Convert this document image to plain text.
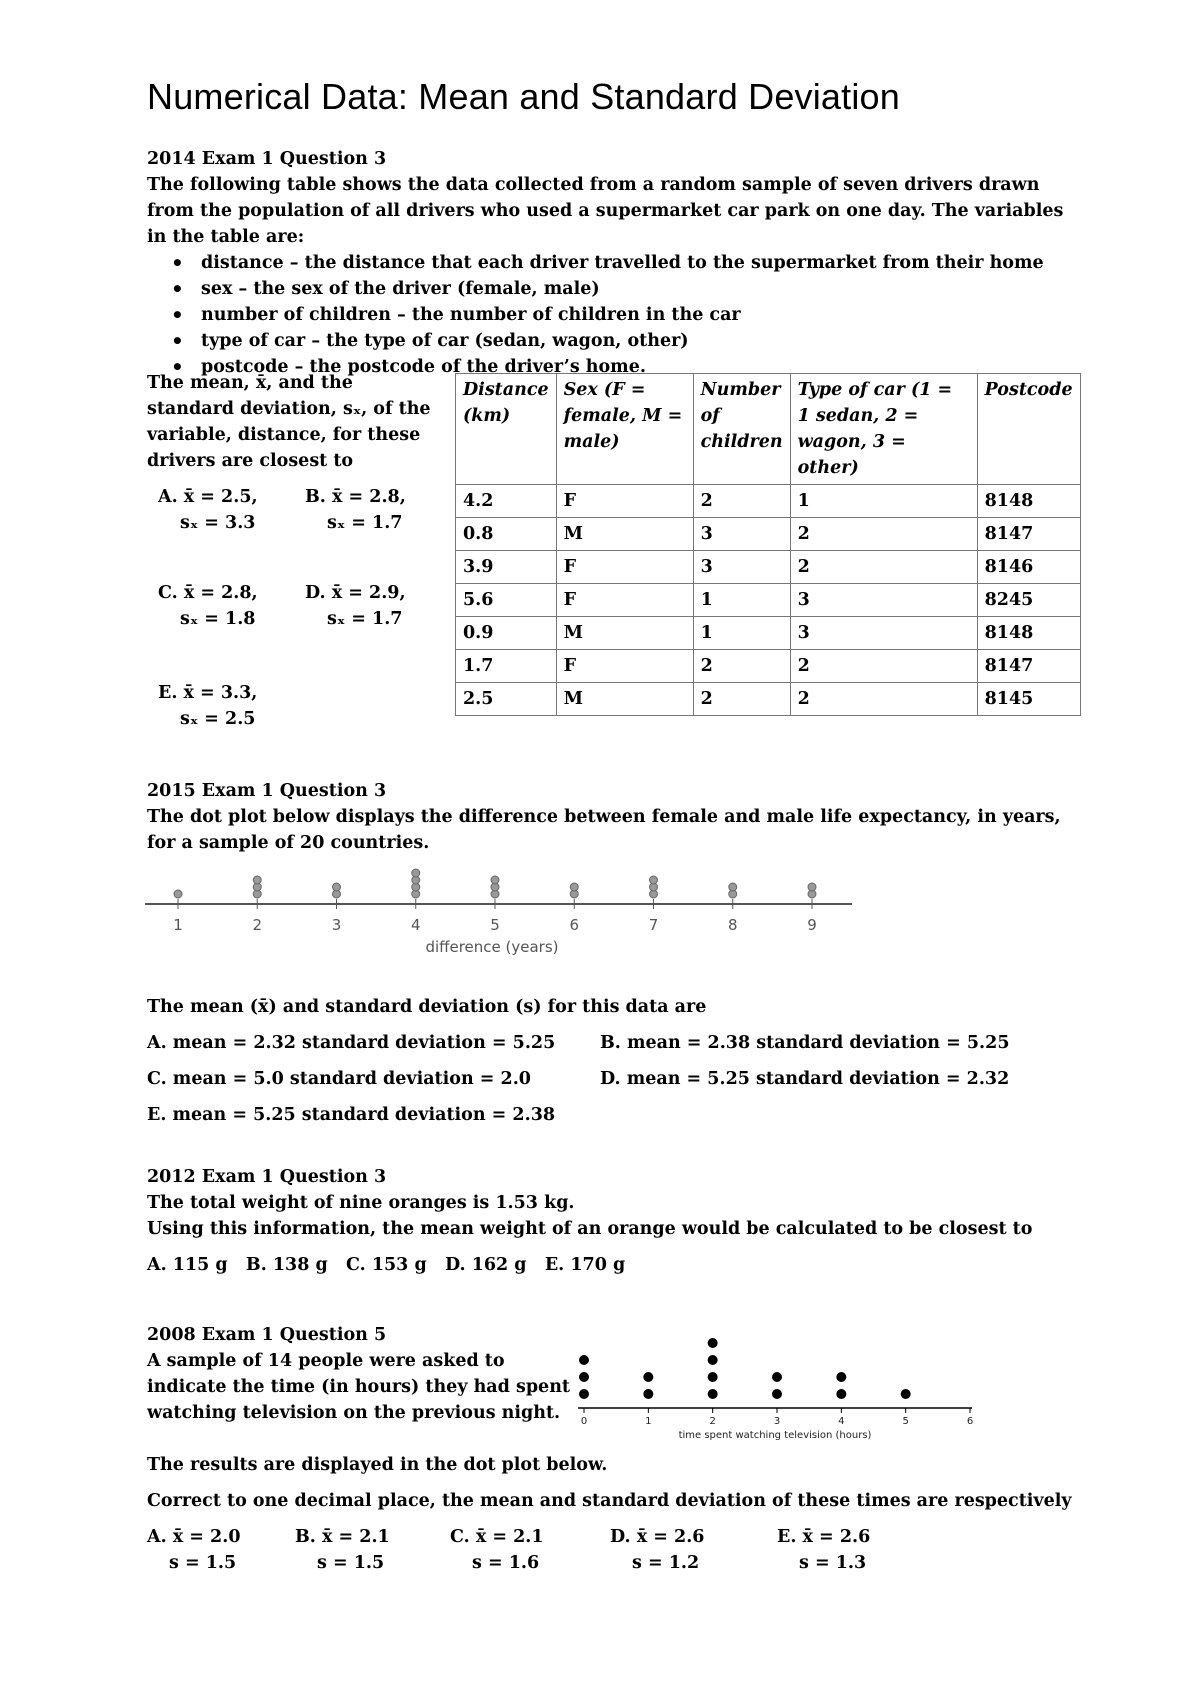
Numerical Data: Mean and Standard Deviation

2014 Exam 1 Question 3

The following table shows the data collected from a random sample of seven drivers drawn from the population of all drivers who used a supermarket car park on one day. The variables in the table are:

• distance – the distance that each driver travelled to the supermarket from their home
• sex – the sex of the driver (female, male)
• number of children – the number of children in the car
• type of car – the type of car (sedan, wagon, other)
• postcode – the postcode of the driver’s home.
The mean, x̄, and the standard deviation, sₓ, of the variable, distance, for these drivers are closest to
A. x̄ = 2.5,
sₓ = 3.3
B. x̄ = 2.8,
sₓ = 1.7
C. x̄ = 2.8,
sₓ = 1.8
D. x̄ = 2.9,
sₓ = 1.7
E. x̄ = 3.3,
sₓ = 2.5
Distance (km)	Sex (F = female, M = male)	Number of children	Type of car (1 = 1 sedan, 2 = wagon, 3 = other)	Postcode
4.2	F	2	1	8148
0.8	M	3	2	8147
3.9	F	3	2	8146
5.6	F	1	3	8245
0.9	M	1	3	8148
1.7	F	2	2	8147
2.5	M	2	2	8145

2015 Exam 1 Question 3

The dot plot below displays the difference between female and male life expectancy, in years, for a sample of 20 countries.

1	2	3	4	5	6	7	8	9
difference (years)
The mean (x̄) and standard deviation (s) for this data are
A. mean = 2.32 standard deviation = 5.25	B. mean = 2.38 standard deviation = 5.25
C. mean = 5.0 standard deviation = 2.0	D. mean = 5.25 standard deviation = 2.32
E. mean = 5.25 standard deviation = 2.38

2012 Exam 1 Question 3

The total weight of nine oranges is 1.53 kg.

Using this information, the mean weight of an orange would be calculated to be closest to

A. 115 g   B. 138 g   C. 153 g   D. 162 g   E. 170 g

2008 Exam 1 Question 5

A sample of 14 people were asked to indicate the time (in hours) they had spent watching television on the previous night.	0	1	2	3	4	5	6
time spent watching television (hours)
The results are displayed in the dot plot below.
Correct to one decimal place, the mean and standard deviation of these times are respectively
A. x̄ = 2.0
s = 1.5
B. x̄ = 2.1
s = 1.5
C. x̄ = 2.1
s = 1.6
D. x̄ = 2.6
s = 1.2
E. x̄ = 2.6
s = 1.3
